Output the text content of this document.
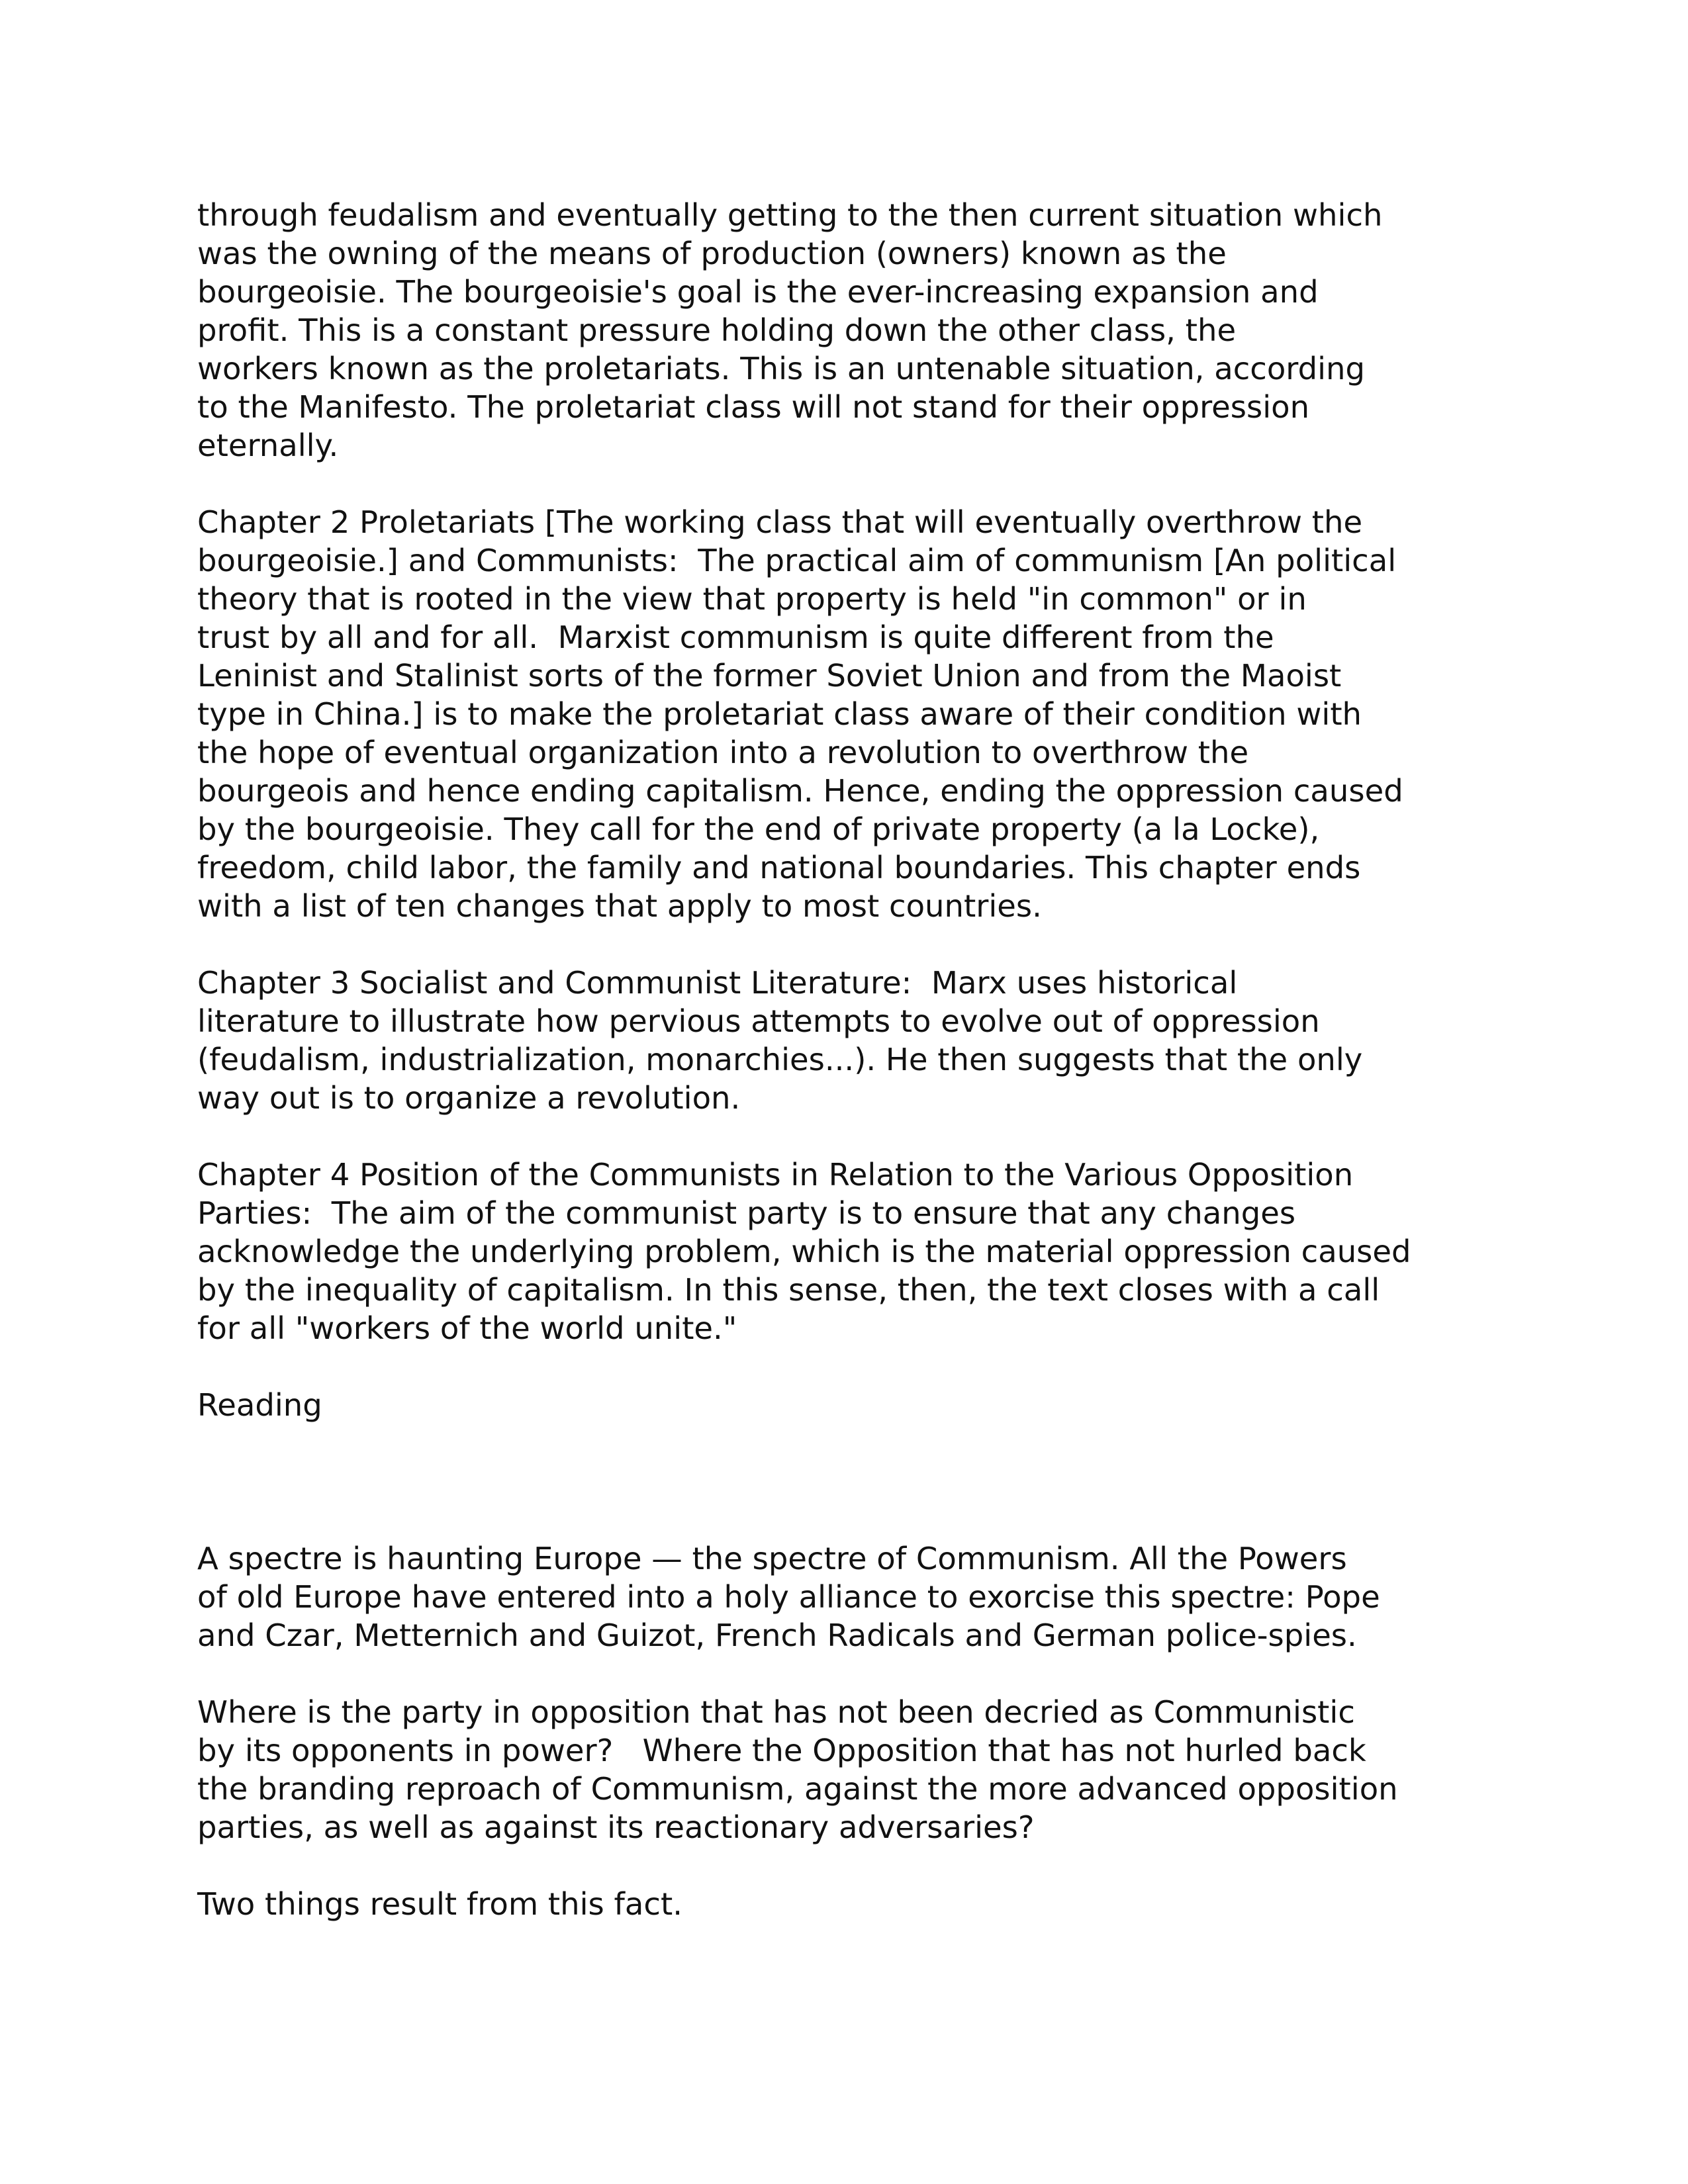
through feudalism and eventually getting to the then current situation which
was the owning of the means of production (owners) known as the
bourgeoisie. The bourgeoisie's goal is the ever-increasing expansion and
profit. This is a constant pressure holding down the other class, the
workers known as the proletariats. This is an untenable situation, according
to the Manifesto. The proletariat class will not stand for their oppression
eternally.
Chapter 2 Proletariats [The working class that will eventually overthrow the
bourgeoisie.] and Communists:  The practical aim of communism [An political
theory that is rooted in the view that property is held "in common" or in
trust by all and for all.  Marxist communism is quite different from the
Leninist and Stalinist sorts of the former Soviet Union and from the Maoist
type in China.] is to make the proletariat class aware of their condition with
the hope of eventual organization into a revolution to overthrow the
bourgeois and hence ending capitalism. Hence, ending the oppression caused
by the bourgeoisie. They call for the end of private property (a la Locke),
freedom, child labor, the family and national boundaries. This chapter ends
with a list of ten changes that apply to most countries.
Chapter 3 Socialist and Communist Literature:  Marx uses historical
literature to illustrate how pervious attempts to evolve out of oppression
(feudalism, industrialization, monarchies...). He then suggests that the only
way out is to organize a revolution.
Chapter 4 Position of the Communists in Relation to the Various Opposition
Parties:  The aim of the communist party is to ensure that any changes
acknowledge the underlying problem, which is the material oppression caused
by the inequality of capitalism. In this sense, then, the text closes with a call
for all "workers of the world unite."
Reading
A spectre is haunting Europe — the spectre of Communism. All the Powers
of old Europe have entered into a holy alliance to exorcise this spectre: Pope
and Czar, Metternich and Guizot, French Radicals and German police-spies.
Where is the party in opposition that has not been decried as Communistic
by its opponents in power?   Where the Opposition that has not hurled back
the branding reproach of Communism, against the more advanced opposition
parties, as well as against its reactionary adversaries?
Two things result from this fact.
